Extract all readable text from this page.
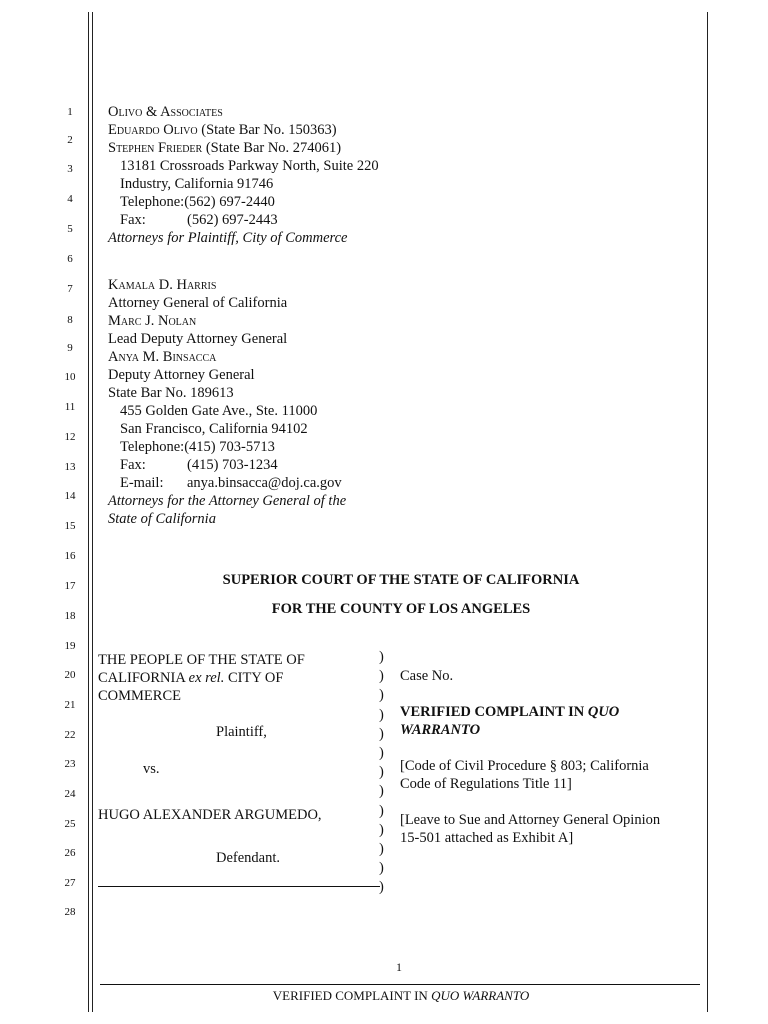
1
2
3
4
5
6
7
8
9
10
11
12
13
14
15
16
17
18
19
20
21
22
23
24
25
26
27
28
Olivo & Associates
Eduardo Olivo (State Bar No. 150363)
Stephen Frieder (State Bar No. 274061)
13181 Crossroads Parkway North, Suite 220
Industry, California 91746
Telephone:(562) 697-2440
Fax:	(562) 697-2443
Attorneys for Plaintiff, City of Commerce
Kamala D. Harris
Attorney General of California
Marc J. Nolan
Lead Deputy Attorney General
Anya M. Binsacca
Deputy Attorney General
State Bar No. 189613
455 Golden Gate Ave., Ste. 11000
San Francisco, California 94102
Telephone:(415) 703-5713
Fax:	(415) 703-1234
E-mail: anya.binsacca@doj.ca.gov
Attorneys for the Attorney General of the
State of California
SUPERIOR COURT OF THE STATE OF CALIFORNIA
FOR THE COUNTY OF LOS ANGELES
THE PEOPLE OF THE STATE OF
CALIFORNIA ex rel. CITY OF
COMMERCE
Plaintiff,
vs.
HUGO ALEXANDER ARGUMEDO,
Defendant.
)
)
)
)
)
)
)
)
)
)
)
)
)
Case No.
VERIFIED COMPLAINT IN QUO
WARRANTO
[Code of Civil Procedure § 803; California
Code of Regulations Title 11]
[Leave to Sue and Attorney General Opinion
15-501 attached as Exhibit A]
1
VERIFIED COMPLAINT IN QUO WARRANTO
